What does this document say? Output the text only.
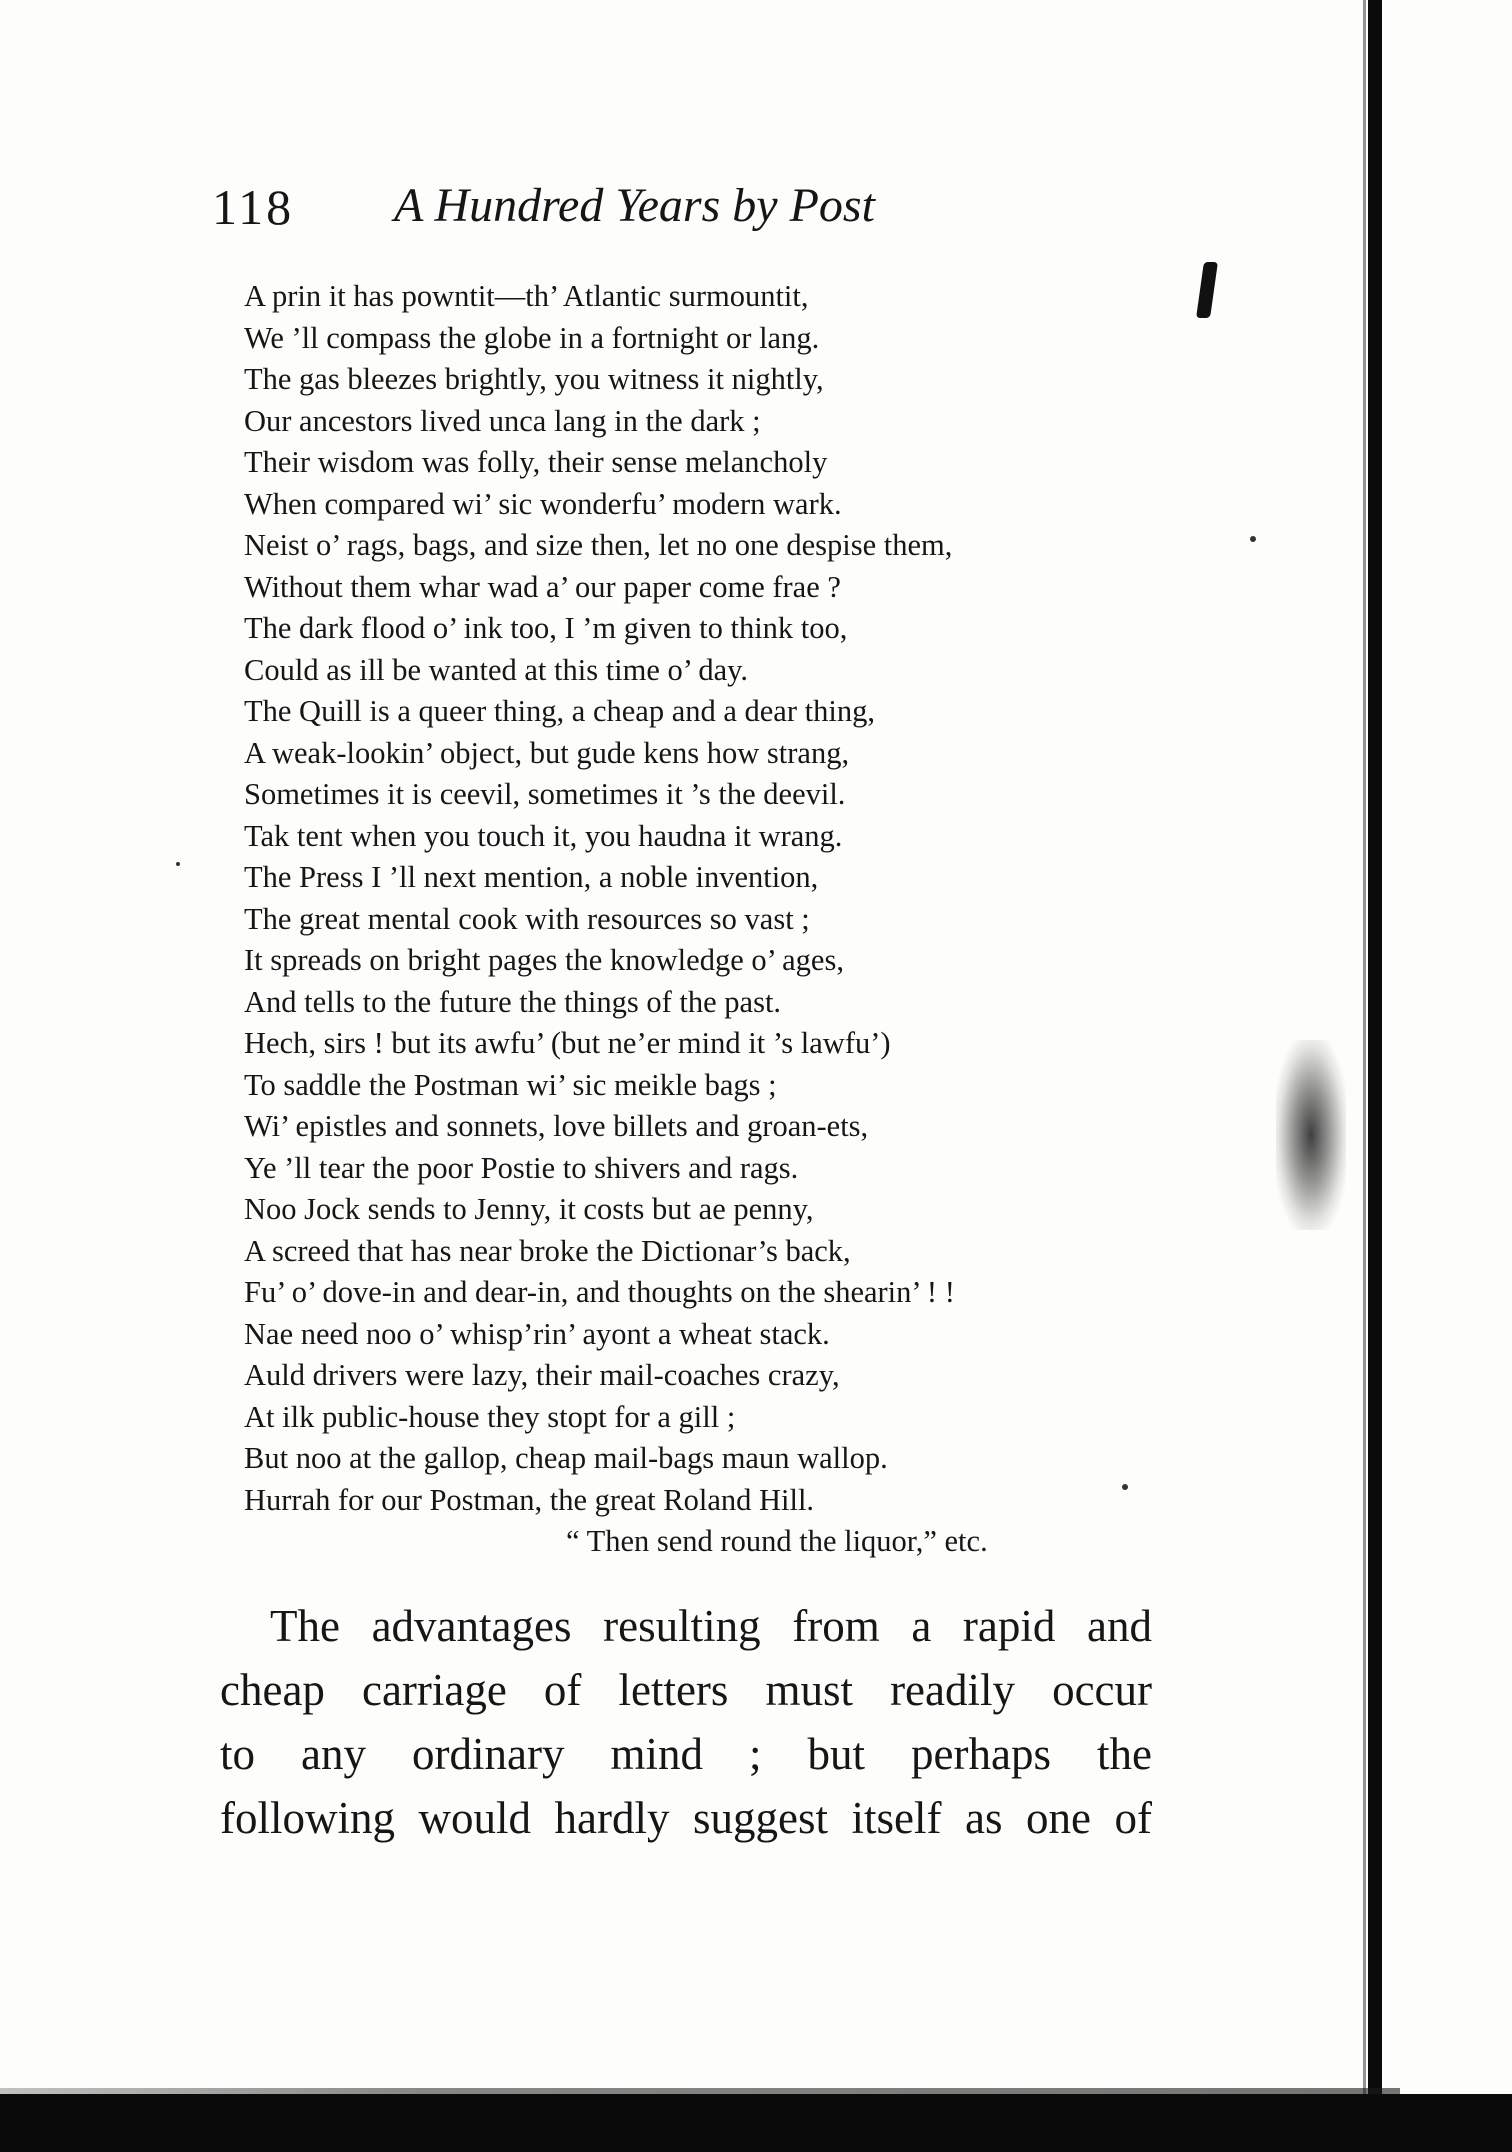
118 A Hundred Years by Post
A prin it has powntit—th’ Atlantic surmountit,
We ’ll compass the globe in a fortnight or lang.
The gas bleezes brightly, you witness it nightly,
Our ancestors lived unca lang in the dark ;
Their wisdom was folly, their sense melancholy
When compared wi’ sic wonderfu’ modern wark.
Neist o’ rags, bags, and size then, let no one despise them,
Without them whar wad a’ our paper come frae ?
The dark flood o’ ink too, I ’m given to think too,
Could as ill be wanted at this time o’ day.
The Quill is a queer thing, a cheap and a dear thing,
A weak-lookin’ object, but gude kens how strang,
Sometimes it is ceevil, sometimes it ’s the deevil.
Tak tent when you touch it, you haudna it wrang.
The Press I ’ll next mention, a noble invention,
The great mental cook with resources so vast ;
It spreads on bright pages the knowledge o’ ages,
And tells to the future the things of the past.
Hech, sirs ! but its awfu’ (but ne’er mind it ’s lawfu’)
To saddle the Postman wi’ sic meikle bags ;
Wi’ epistles and sonnets, love billets and groan-ets,
Ye ’ll tear the poor Postie to shivers and rags.
Noo Jock sends to Jenny, it costs but ae penny,
A screed that has near broke the Dictionar’s back,
Fu’ o’ dove-in and dear-in, and thoughts on the shearin’ ! !
Nae need noo o’ whisp’rin’ ayont a wheat stack.
Auld drivers were lazy, their mail-coaches crazy,
At ilk public-house they stopt for a gill ;
But noo at the gallop, cheap mail-bags maun wallop.
Hurrah for our Postman, the great Roland Hill.
“ Then send round the liquor,” etc.
The advantages resulting from a rapid and
cheap carriage of letters must readily occur
to any ordinary mind ; but perhaps the
following would hardly suggest itself as one of
